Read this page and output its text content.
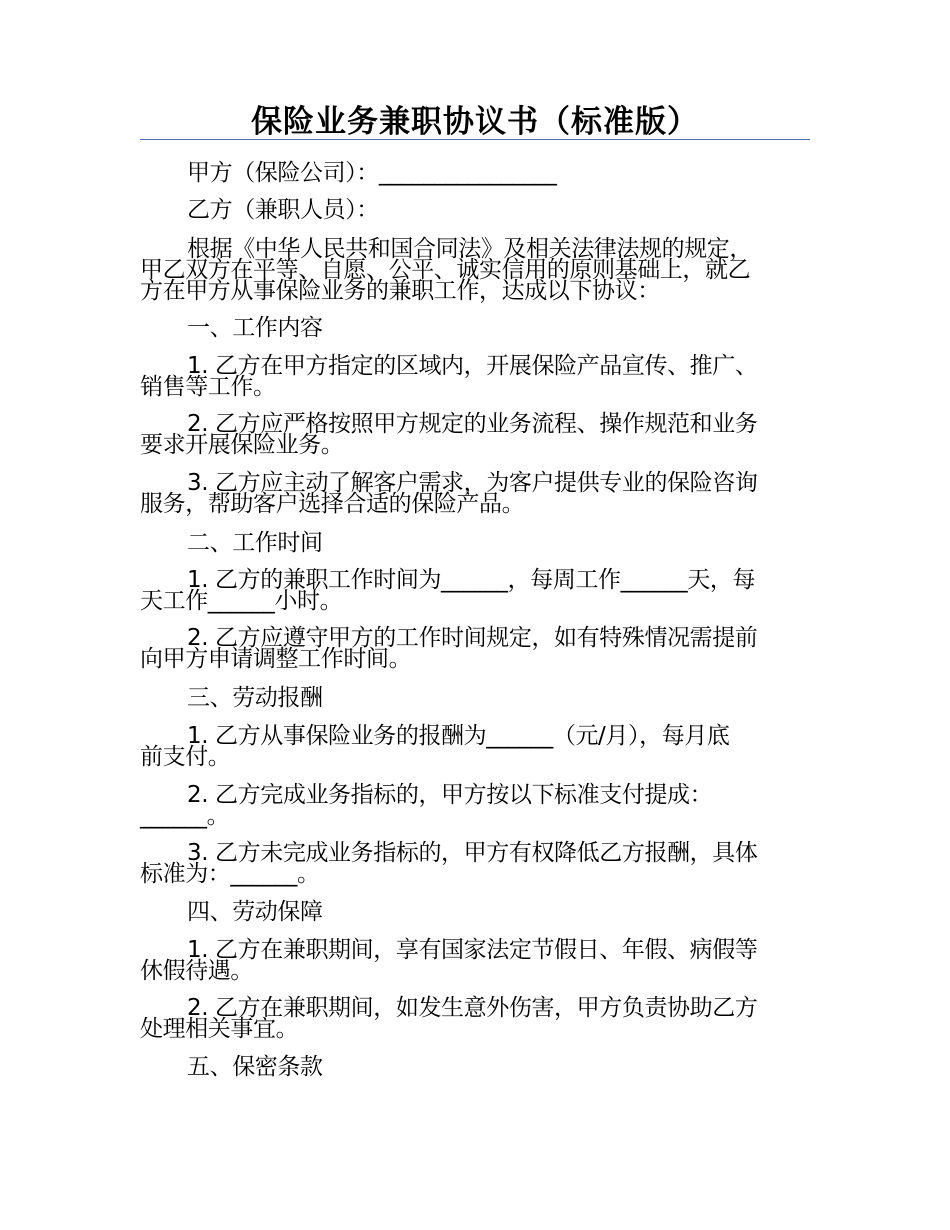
保险业务兼职协议书（标准版）

甲方（保险公司）：________________

乙方（兼职人员）：

根据《中华人民共和国合同法》及相关法律法规的规定，
甲乙双方在平等、自愿、公平、诚实信用的原则基础上，就乙
方在甲方从事保险业务的兼职工作，达成以下协议：

一、工作内容

1. 乙方在甲方指定的区域内，开展保险产品宣传、推广、
销售等工作。
2. 乙方应严格按照甲方规定的业务流程、操作规范和业务
要求开展保险业务。
3. 乙方应主动了解客户需求，为客户提供专业的保险咨询
服务，帮助客户选择合适的保险产品。

二、工作时间

1. 乙方的兼职工作时间为______，每周工作______天，每
天工作______小时。
2. 乙方应遵守甲方的工作时间规定，如有特殊情况需提前
向甲方申请调整工作时间。

三、劳动报酬

1. 乙方从事保险业务的报酬为______（元/月），每月底
前支付。
2. 乙方完成业务指标的，甲方按以下标准支付提成：
______。
3. 乙方未完成业务指标的，甲方有权降低乙方报酬，具体
标准为：______。

四、劳动保障

1. 乙方在兼职期间，享有国家法定节假日、年假、病假等
休假待遇。
2. 乙方在兼职期间，如发生意外伤害，甲方负责协助乙方
处理相关事宜。

五、保密条款
